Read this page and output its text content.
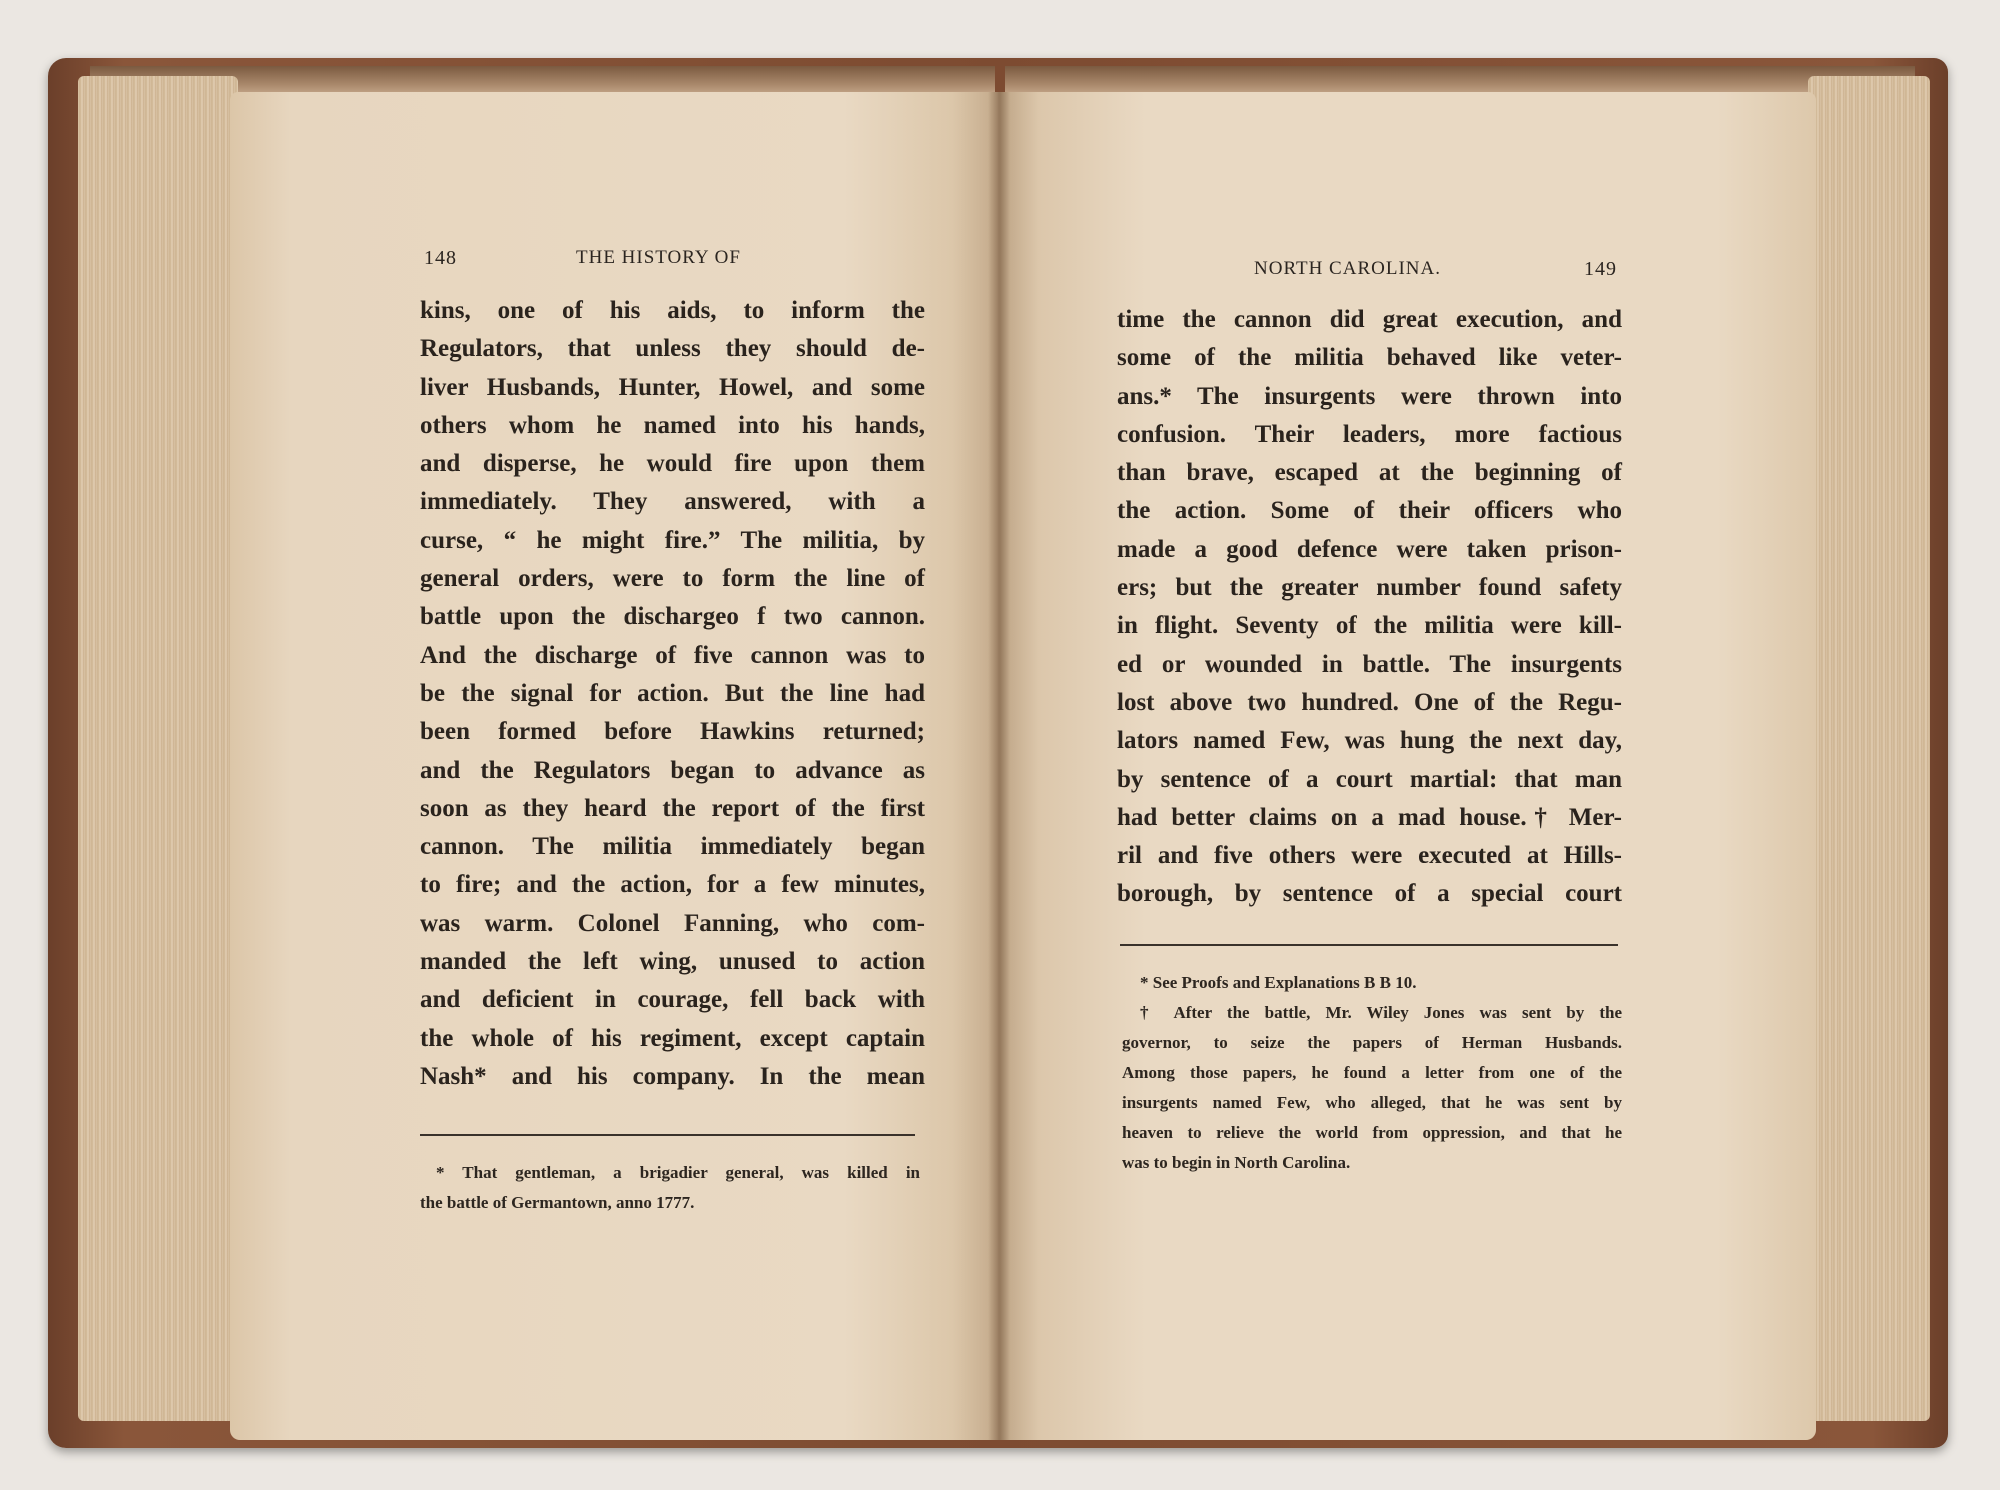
148	THE HISTORY OF
kins, one of his aids, to inform the
Regulators, that unless they should de-
liver Husbands, Hunter, Howel, and some
others whom he named into his hands,
and disperse, he would fire upon them
immediately. They answered, with a
curse, “ he might fire.” The militia, by
general orders, were to form the line of
battle upon the dischargeo f two cannon.
And the discharge of five cannon was to
be the signal for action. But the line had
been formed before Hawkins returned;
and the Regulators began to advance as
soon as they heard the report of the first
cannon. The militia immediately began
to fire; and the action, for a few minutes,
was warm. Colonel Fanning, who com-
manded the left wing, unused to action
and deficient in courage, fell back with
the whole of his regiment, except captain
Nash* and his company. In the mean
* That gentleman, a brigadier general, was killed in
the battle of Germantown, anno 1777.
NORTH CAROLINA.	149
time the cannon did great execution, and
some of the militia behaved like veter-
ans.* The insurgents were thrown into
confusion. Their leaders, more factious
than brave, escaped at the beginning of
the action. Some of their officers who
made a good defence were taken prison-
ers; but the greater number found safety
in flight. Seventy of the militia were kill-
ed or wounded in battle. The insurgents
lost above two hundred. One of the Regu-
lators named Few, was hung the next day,
by sentence of a court martial: that man
had better claims on a mad house.† Mer-
ril and five others were executed at Hills-
borough, by sentence of a special court
* See Proofs and Explanations B B 10.
† After the battle, Mr. Wiley Jones was sent by the
governor, to seize the papers of Herman Husbands.
Among those papers, he found a letter from one of the
insurgents named Few, who alleged, that he was sent by
heaven to relieve the world from oppression, and that he
was to begin in North Carolina.
